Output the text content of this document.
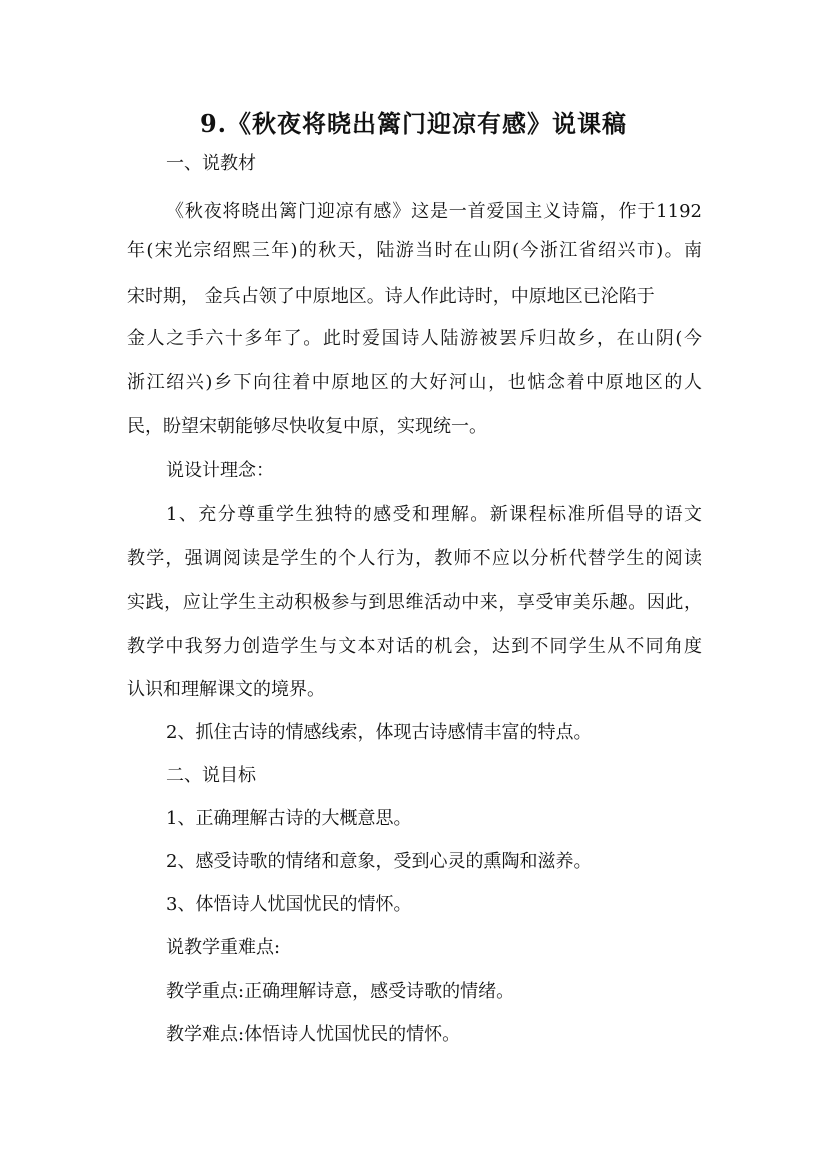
9.《秋夜将晓出篱门迎凉有感》说课稿
一、说教材
《秋夜将晓出篱门迎凉有感》这是一首爱国主义诗篇，作于1192
年(宋光宗绍熙三年)的秋天，陆游当时在山阴(今浙江省绍兴市)。南
宋时期， 金兵占领了中原地区。诗人作此诗时，中原地区已沦陷于
金人之手六十多年了。此时爱国诗人陆游被罢斥归故乡，在山阴(今
浙江绍兴)乡下向往着中原地区的大好河山，也惦念着中原地区的人
民，盼望宋朝能够尽快收复中原，实现统一。
说设计理念：
1、充分尊重学生独特的感受和理解。新课程标准所倡导的语文
教学，强调阅读是学生的个人行为，教师不应以分析代替学生的阅读
实践，应让学生主动积极参与到思维活动中来，享受审美乐趣。因此，
教学中我努力创造学生与文本对话的机会，达到不同学生从不同角度
认识和理解课文的境界。
2、抓住古诗的情感线索，体现古诗感情丰富的特点。
二、说目标
1、正确理解古诗的大概意思。
2、感受诗歌的情绪和意象，受到心灵的熏陶和滋养。
3、体悟诗人忧国忧民的情怀。
说教学重难点:
教学重点:正确理解诗意，感受诗歌的情绪。
教学难点:体悟诗人忧国忧民的情怀。
